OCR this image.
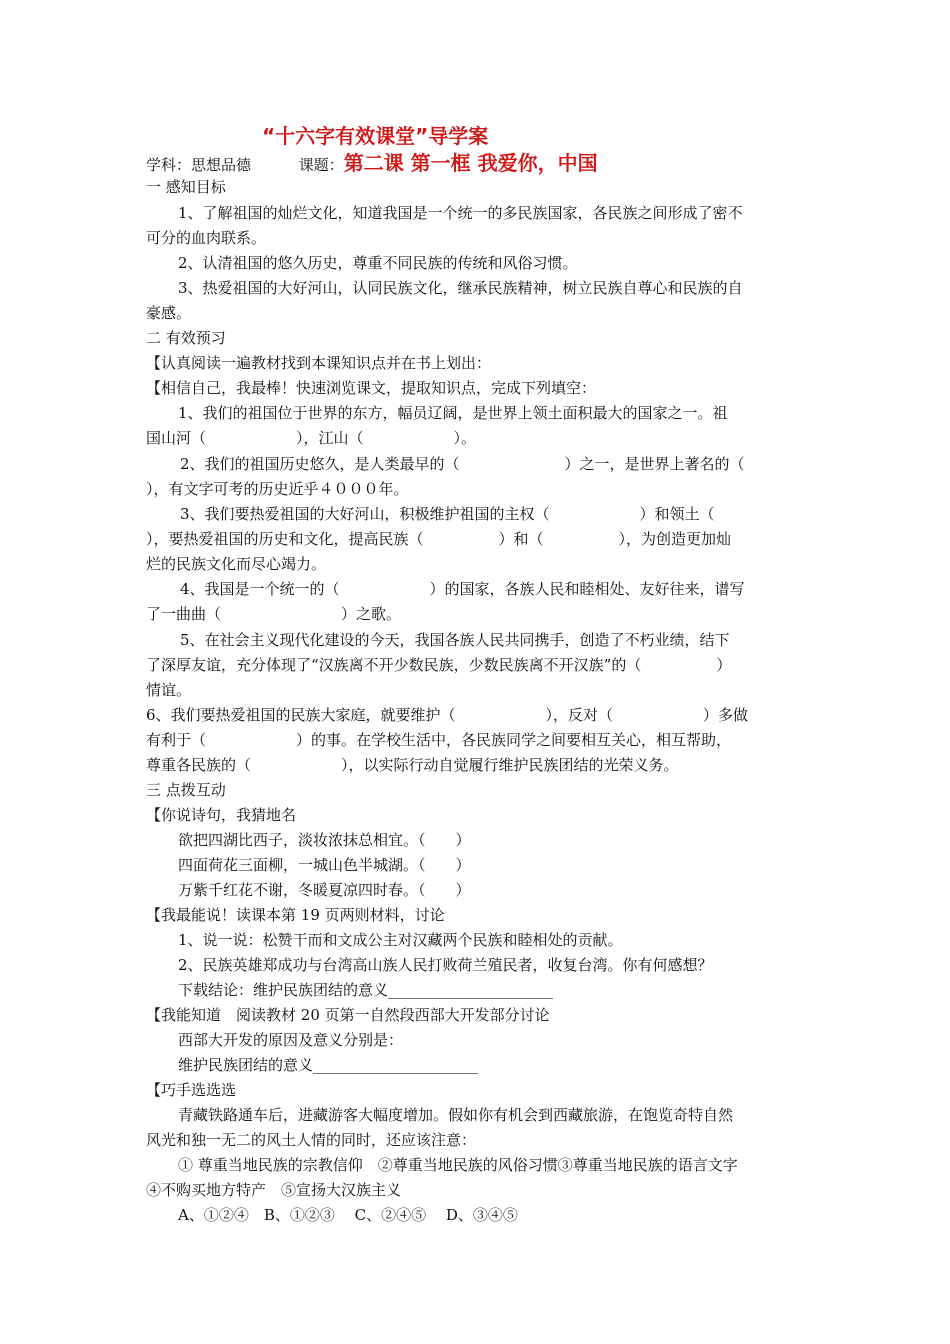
“十六字有效课堂”导学案
学科：思想品德	课题：第二课 第一框 我爱你，中国
一 感知目标
1、了解祖国的灿烂文化，知道我国是一个统一的多民族国家，各民族之间形成了密不
可分的血肉联系。
2、认清祖国的悠久历史，尊重不同民族的传统和风俗习惯。
3、热爱祖国的大好河山，认同民族文化，继承民族精神，树立民族自尊心和民族的自
豪感。
二 有效预习
【认真阅读一遍教材找到本课知识点并在书上划出：
【相信自己，我最棒！快速浏览课文，提取知识点，完成下列填空：
1、我们的祖国位于世界的东方，幅员辽阔，是世界上领土面积最大的国家之一。祖
国山河（　　　　　　），江山（　　　　　　）。
2、我们的祖国历史悠久，是人类最早的（　　　　　　　）之一，是世界上著名的（
），有文字可考的历史近乎４０００年。
3、我们要热爱祖国的大好河山，积极维护祖国的主权（　　　　　　）和领土（
），要热爱祖国的历史和文化，提高民族（　　　　　）和（　　　　　），为创造更加灿
烂的民族文化而尽心竭力。
4、我国是一个统一的（　　　　　　）的国家，各族人民和睦相处、友好往来，谱写
了一曲曲（　　　　　　　　）之歌。
5、在社会主义现代化建设的今天，我国各族人民共同携手，创造了不朽业绩，结下
了深厚友谊，充分体现了“汉族离不开少数民族，少数民族离不开汉族”的（　　　　　）
情谊。
6、我们要热爱祖国的民族大家庭，就要维护（　　　　　　），反对（　　　　　　）多做
有利于（　　　　　　）的事。在学校生活中，各民族同学之间要相互关心，相互帮助，
尊重各民族的（　　　　　　），以实际行动自觉履行维护民族团结的光荣义务。
三 点拨互动
【你说诗句，我猜地名
欲把四湖比西子，淡妆浓抹总相宜。（　　）
四面荷花三面柳，一城山色半城湖。（　　）
万紫千红花不谢，冬暖夏凉四时春。（　　）
【我最能说！读课本第 19 页两则材料，讨论
1、说一说：松赞干而和文成公主对汉藏两个民族和睦相处的贡献。
2、民族英雄郑成功与台湾高山族人民打败荷兰殖民者，收复台湾。你有何感想？
下载结论：维护民族团结的意义______________________
【我能知道　阅读教材 20 页第一自然段西部大开发部分讨论
西部大开发的原因及意义分别是：
维护民族团结的意义______________________
【巧手选选选
青藏铁路通车后，进藏游客大幅度增加。假如你有机会到西藏旅游，在饱览奇特自然
风光和独一无二的风土人情的同时，还应该注意：
① 尊重当地民族的宗教信仰　②尊重当地民族的风俗习惯③尊重当地民族的语言文字
④不购买地方特产　⑤宣扬大汉族主义
A、①②④　B、①②③　 C、②④⑤　 D、③④⑤
